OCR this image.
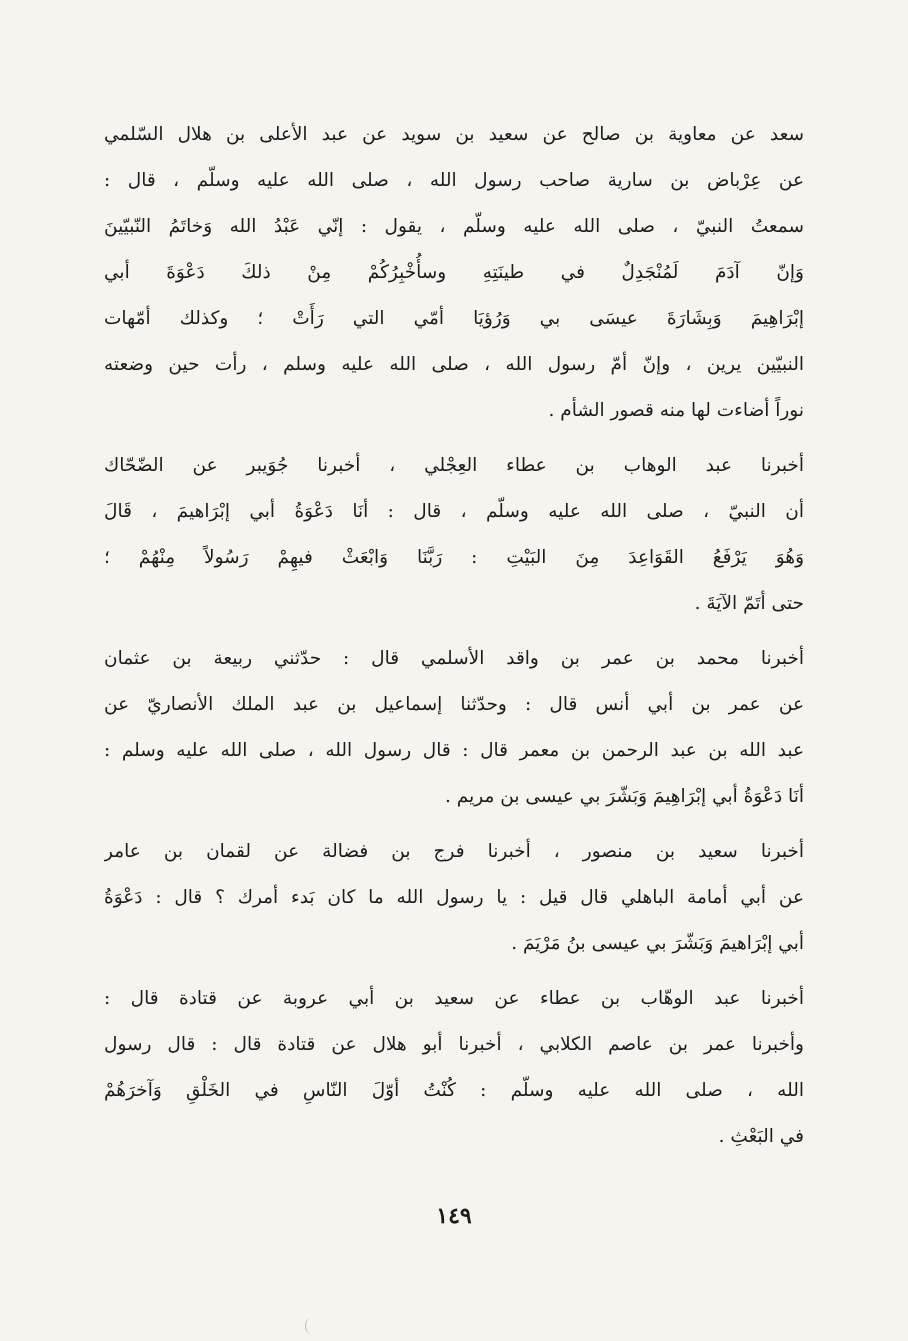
سعد عن معاوية بن صالح عن سعيد بن سويد عن عبد الأعلى بن هلال السّلمي
عن عِرْباض بن سارية صاحب رسول الله ، صلى الله عليه وسلّم ، قال :
سمعتُ النبيّ ، صلى الله عليه وسلّم ، يقول : إنّي عَبْدُ الله وَخاتَمُ النّبيّينَ
وَإنّ آدَمَ لَمُنْجَدِلٌ في طينَتِهِ وسأُخْبِرُكُمْ مِنْ ذلكَ دَعْوَةَ أبي
إبْرَاهِيمَ وَبِشَارَةَ عيسَى بي وَرُؤيَا أمّي التي رَأَتْ ؛ وكذلك أمّهات
النبيّين يرين ، وإنّ أمّ رسول الله ، صلى الله عليه وسلم ، رأت حين وضعته
نوراً أضاءت لها منه قصور الشأم .
أخبرنا عبد الوهاب بن عطاء العِجْلي ، أخبرنا جُوَيبر عن الضّحّاك
أن النبيّ ، صلى الله عليه وسلّم ، قال : أنَا دَعْوَةُ أبي إبْرَاهيمَ ، قَالَ
وَهُوَ يَرْفَعُ القَوَاعِدَ مِنَ البَيْتِ : رَبَّنَا وَابْعَثْ فيهِمْ رَسُولاً مِنْهُمْ ؛
حتى أتَمّ الآيَةَ .
أخبرنا محمد بن عمر بن واقد الأسلمي قال : حدّثني ربيعة بن عثمان
عن عمر بن أبي أنس قال : وحدّثنا إسماعيل بن عبد الملك الأنصاريّ عن
عبد الله بن عبد الرحمن بن معمر قال : قال رسول الله ، صلى الله عليه وسلم :
أنَا دَعْوَةُ أبي إبْرَاهِيمَ وَبَشّرَ بي عيسى بن مريم .
أخبرنا سعيد بن منصور ، أخبرنا فرج بن فضالة عن لقمان بن عامر
عن أبي أمامة الباهلي قال قيل : يا رسول الله ما كان بَدء أمرك ؟ قال : دَعْوَةُ
أبي إبْرَاهيمَ وَبَشّرَ بي عيسى بنُ مَرْيَمَ .
أخبرنا عبد الوهّاب بن عطاء عن سعيد بن أبي عروبة عن قتادة قال :
وأخبرنا عمر بن عاصم الكلابي ، أخبرنا أبو هلال عن قتادة قال : قال رسول
الله ، صلى الله عليه وسلّم : كُنْتُ أوّلَ النّاسِ في الخَلْقِ وَآخرَهُمْ
في البَعْثِ .
١٤٩
